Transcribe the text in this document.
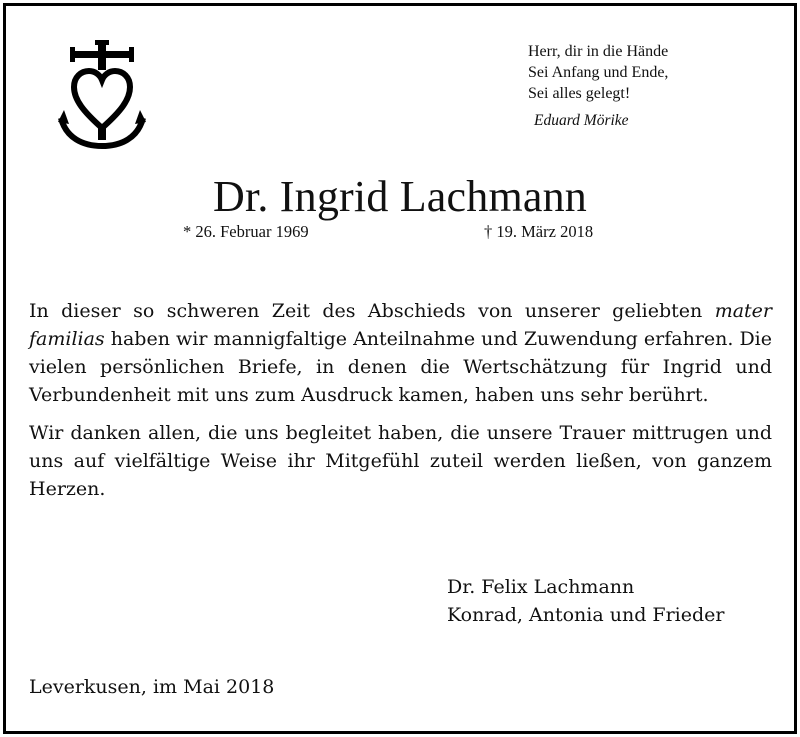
Herr, dir in die Hände
Sei Anfang und Ende,
Sei alles gelegt!
Eduard Mörike
Dr. Ingrid Lachmann
* 26. Februar 1969	† 19. März 2018

In dieser so schweren Zeit des Abschieds von unserer geliebten mater familias haben wir mannigfaltige Anteilnahme und Zuwendung erfahren. Die vielen persönlichen Briefe, in denen die Wertschätzung für Ingrid und Verbundenheit mit uns zum Ausdruck kamen, haben uns sehr berührt.

Wir danken allen, die uns begleitet haben, die unsere Trauer mittrugen und uns auf vielfältige Weise ihr Mitgefühl zuteil werden ließen, von ganzem Herzen.

Dr. Felix Lachmann
Konrad, Antonia und Frieder
Leverkusen, im Mai 2018
